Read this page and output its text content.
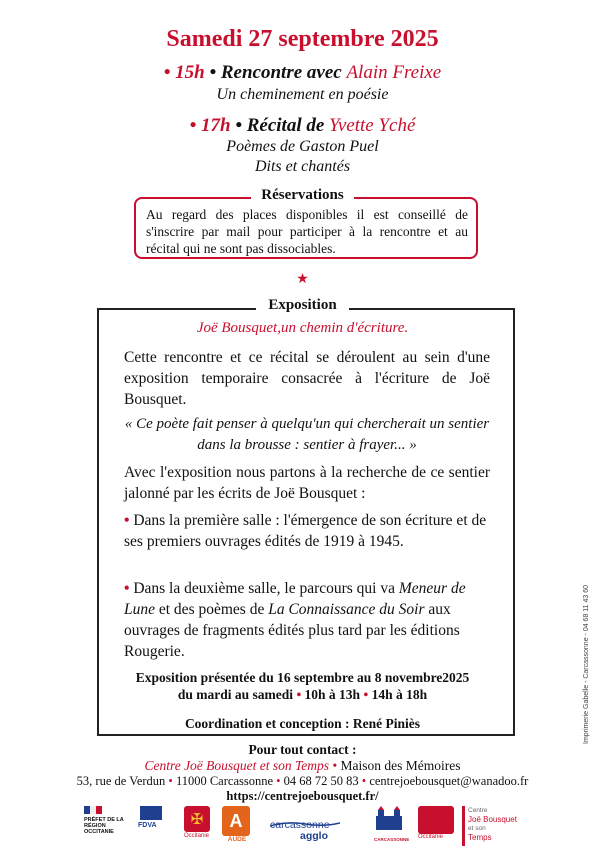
Samedi 27 septembre 2025
• 15h • Rencontre avec Alain Freixe
Un cheminement en poésie
• 17h • Récital de Yvette Yché
Poèmes de Gaston Puel
Dits et chantés
Réservations
Au regard des places disponibles il est conseillé de s'inscrire par mail pour participer à la rencontre et au récital qui ne sont pas dissociables.
★
Exposition
Joë Bousquet,un chemin d'écriture.
Cette rencontre et ce récital se déroulent au sein d'une exposition temporaire consacrée à l'écriture de Joë Bousquet.
« Ce poète fait penser à quelqu'un qui chercherait un sentier dans la brousse : sentier à frayer... »
Avec l'exposition nous partons à la recherche de ce sentier jalonné par les écrits de Joë Bousquet :
• Dans la première salle : l'émergence de son écriture et de ses premiers ouvrages édités de 1919 à 1945.
• Dans la deuxième salle, le parcours qui va Meneur de Lune et des poèmes de La Connaissance du Soir aux ouvrages de fragments édités plus tard par les éditions Rougerie.
Exposition présentée du 16 septembre au 8 novembre2025
du mardi au samedi • 10h à 13h • 14h à 18h
Coordination et conception : René Piniès
Pour tout contact :
Centre Joë Bousquet et son Temps • Maison des Mémoires
53, rue de Verdun • 11000 Carcassonne • 04 68 72 50 83 • centrejoebousquet@wanadoo.fr
https://centrejoebousquet.fr/
Imprimerie Gabelle - Carcassonne - 04 68 11 43 60
PRÉFET DE LA RÉGION OCCITANIE
FDVA	✠
Occitanie
A
AUDE
carcassonne
agglo	CARCASSONNE Occitanie
Centre
Joë Bousquet
et son
Temps
